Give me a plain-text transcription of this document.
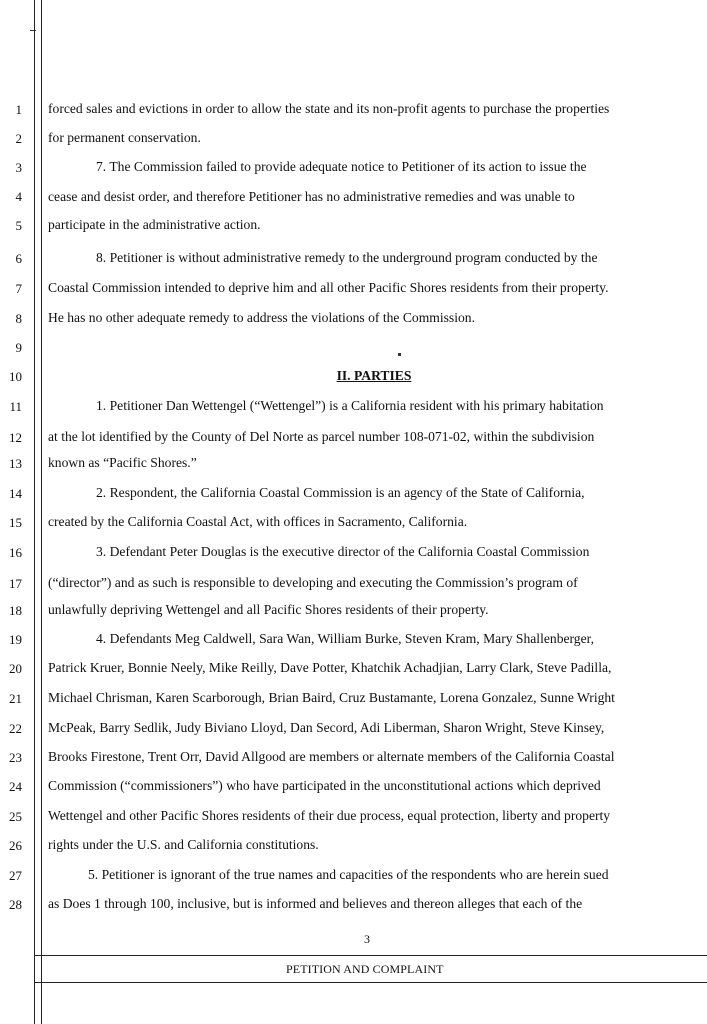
1
2
3
4
5
6
7
8
9
10
11
12
13
14
15
16
17
18
19
20
21
22
23
24
25
26
27
28
forced sales and evictions in order to allow the state and its non-profit agents to purchase the properties
for permanent conservation.
7. The Commission failed to provide adequate notice to Petitioner of its action to issue the
cease and desist order, and therefore Petitioner has no administrative remedies and was unable to
participate in the administrative action.
8. Petitioner is without administrative remedy to the underground program conducted by the
Coastal Commission intended to deprive him and all other Pacific Shores residents from their property.
He has no other adequate remedy to address the violations of the Commission.
II. PARTIES
1. Petitioner Dan Wettengel (“Wettengel”) is a California resident with his primary habitation
at the lot identified by the County of Del Norte as parcel number 108-071-02, within the subdivision
known as “Pacific Shores.”
2. Respondent, the California Coastal Commission is an agency of the State of California,
created by the California Coastal Act, with offices in Sacramento, California.
3. Defendant Peter Douglas is the executive director of the California Coastal Commission
(“director”) and as such is responsible to developing and executing the Commission’s program of
unlawfully depriving Wettengel and all Pacific Shores residents of their property.
4. Defendants Meg Caldwell, Sara Wan, William Burke, Steven Kram, Mary Shallenberger,
Patrick Kruer, Bonnie Neely, Mike Reilly, Dave Potter, Khatchik Achadjian, Larry Clark, Steve Padilla,
Michael Chrisman, Karen Scarborough, Brian Baird, Cruz Bustamante, Lorena Gonzalez, Sunne Wright
McPeak, Barry Sedlik, Judy Biviano Lloyd, Dan Secord, Adi Liberman, Sharon Wright, Steve Kinsey,
Brooks Firestone, Trent Orr, David Allgood are members or alternate members of the California Coastal
Commission (“commissioners”) who have participated in the unconstitutional actions which deprived
Wettengel and other Pacific Shores residents of their due process, equal protection, liberty and property
rights under the U.S. and California constitutions.
5. Petitioner is ignorant of the true names and capacities of the respondents who are herein sued
as Does 1 through 100, inclusive, but is informed and believes and thereon alleges that each of the
3
PETITION AND COMPLAINT
